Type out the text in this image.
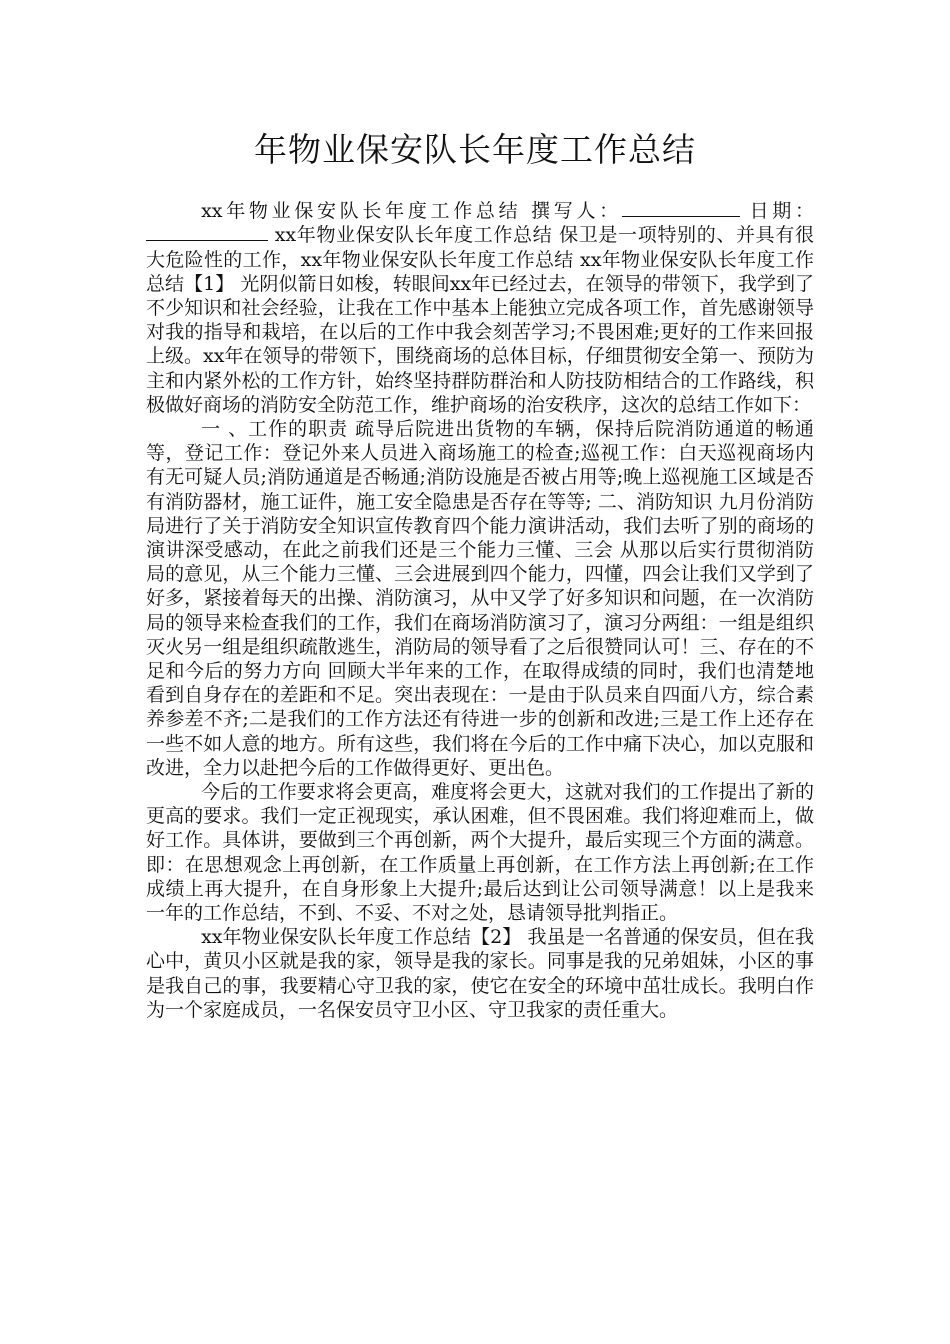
年物业保安队长年度工作总结

xx年物业保安队长年度工作总结 撰写人：	日期： xx年物业保安队长年度工作总结 保卫是一项特别的、并具有很大危险性的工作，xx年物业保安队长年度工作总结 xx年物业保安队长年度工作总结【1】 光阴似箭日如梭，转眼间xx年已经过去，在领导的带领下，我学到了不少知识和社会经验，让我在工作中基本上能独立完成各项工作，首先感谢领导对我的指导和栽培，在以后的工作中我会刻苦学习;不畏困难;更好的工作来回报上级。xx年在领导的带领下，围绕商场的总体目标，仔细贯彻安全第一、预防为主和内紧外松的工作方针，始终坚持群防群治和人防技防相结合的工作路线，积极做好商场的消防安全防范工作，维护商场的治安秩序，这次的总结工作如下：

一 、工作的职责 疏导后院进出货物的车辆，保持后院消防通道的畅通等，登记工作：登记外来人员进入商场施工的检查;巡视工作：白天巡视商场内有无可疑人员;消防通道是否畅通;消防设施是否被占用等;晚上巡视施工区域是否有消防器材，施工证件，施工安全隐患是否存在等等; 二、消防知识 九月份消防局进行了关于消防安全知识宣传教育四个能力演讲活动，我们去听了别的商场的演讲深受感动，在此之前我们还是三个能力三懂、三会 从那以后实行贯彻消防局的意见，从三个能力三懂、三会进展到四个能力，四懂，四会让我们又学到了好多，紧接着每天的出操、消防演习，从中又学了好多知识和问题，在一次消防局的领导来检查我们的工作，我们在商场消防演习了，演习分两组：一组是组织灭火另一组是组织疏散逃生，消防局的领导看了之后很赞同认可！三、存在的不足和今后的努力方向 回顾大半年来的工作，在取得成绩的同时，我们也清楚地看到自身存在的差距和不足。突出表现在：一是由于队员来自四面八方，综合素养参差不齐;二是我们的工作方法还有待进一步的创新和改进;三是工作上还存在一些不如人意的地方。所有这些，我们将在今后的工作中痛下决心，加以克服和改进，全力以赴把今后的工作做得更好、更出色。

今后的工作要求将会更高，难度将会更大，这就对我们的工作提出了新的更高的要求。我们一定正视现实，承认困难，但不畏困难。我们将迎难而上，做好工作。具体讲，要做到三个再创新，两个大提升，最后实现三个方面的满意。即：在思想观念上再创新，在工作质量上再创新，在工作方法上再创新;在工作成绩上再大提升，在自身形象上大提升;最后达到让公司领导满意！以上是我来一年的工作总结，不到、不妥、不对之处，恳请领导批判指正。

xx年物业保安队长年度工作总结【2】 我虽是一名普通的保安员，但在我心中，黄贝小区就是我的家，领导是我的家长。同事是我的兄弟姐妹，小区的事是我自己的事，我要精心守卫我的家，使它在安全的环境中茁壮成长。我明白作为一个家庭成员，一名保安员守卫小区、守卫我家的责任重大。
